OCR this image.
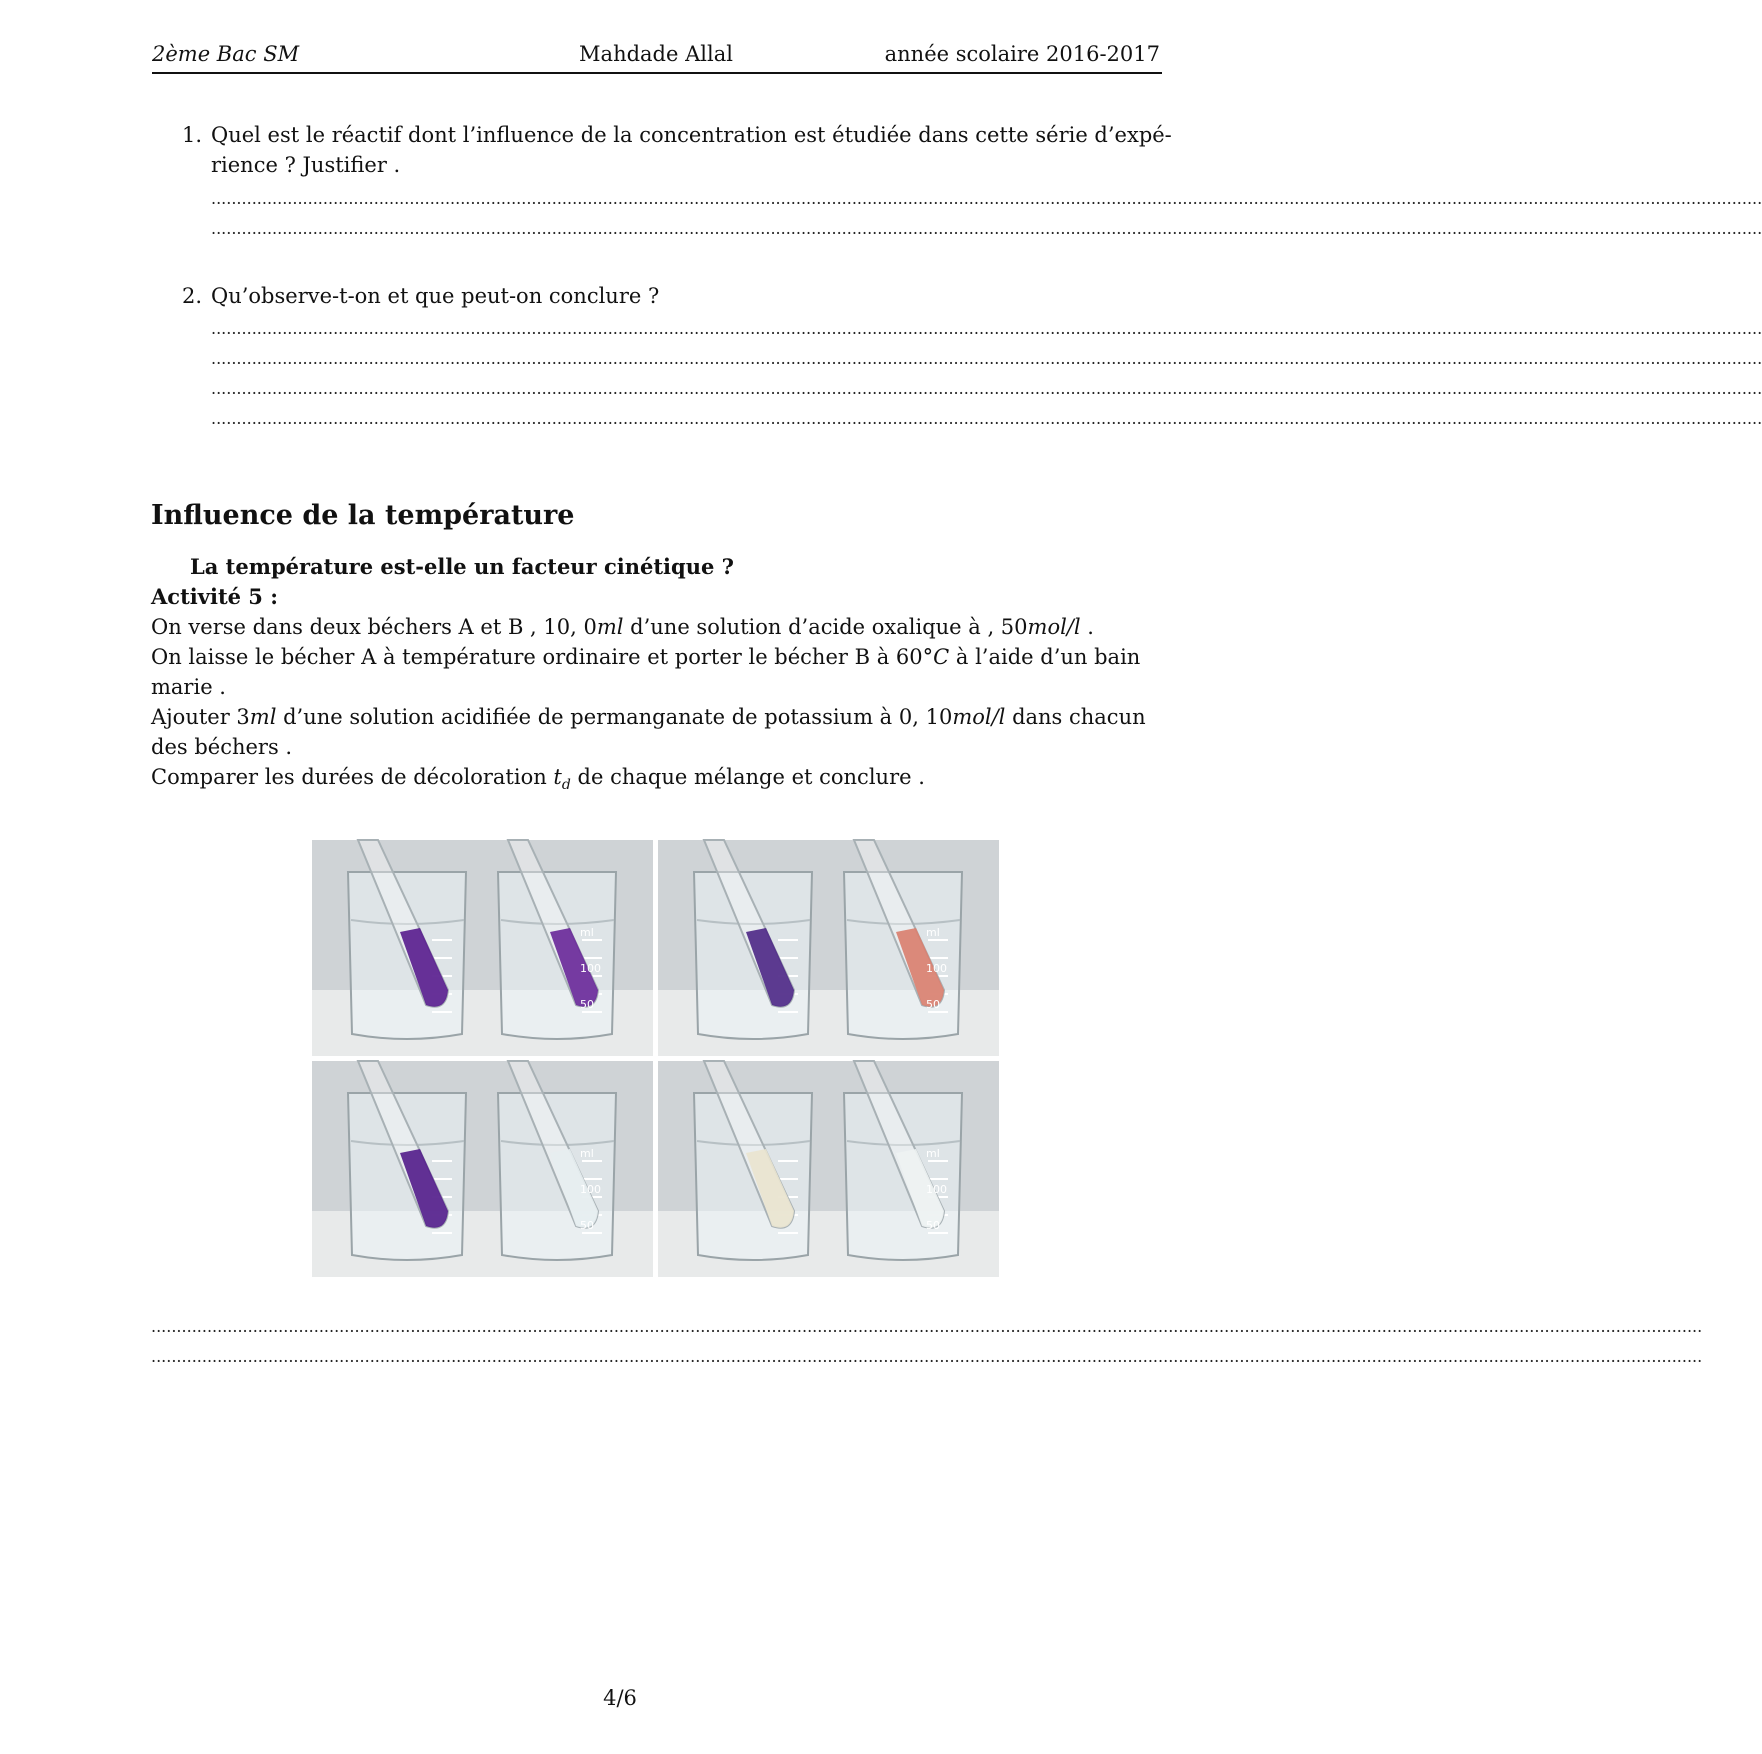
2ème Bac SM	Mahdade Allal	année scolaire 2016-2017
1. Quel est le réactif dont l’influence de la concentration est étudiée dans cette série d’expé-
rience ? Justifier .
.................................................................................................................................................................................................................................................................................................................
.................................................................................................................................................................................................................................................................................................................
2. Qu’observe-t-on et que peut-on conclure ?
.................................................................................................................................................................................................................................................................................................................
.................................................................................................................................................................................................................................................................................................................
.................................................................................................................................................................................................................................................................................................................
.................................................................................................................................................................................................................................................................................................................
Influence de la température
La température est-elle un facteur cinétique ?
Activité 5 :
On verse dans deux béchers A et B , 10, 0ml d’une solution d’acide oxalique à , 50mol/l .
On laisse le bécher A à température ordinaire et porter le bécher B à 60°C à l’aide d’un bain
marie .
Ajouter 3ml d’une solution acidifiée de permanganate de potassium à 0, 10mol/l dans chacun
des béchers .
Comparer les durées de décoloration $t_d$ de chaque mélange et conclure .
ml
100
50
ml
100
50
ml
100
50
ml
100
50
.................................................................................................................................................................................................................................................................................................................
.................................................................................................................................................................................................................................................................................................................
4/6
